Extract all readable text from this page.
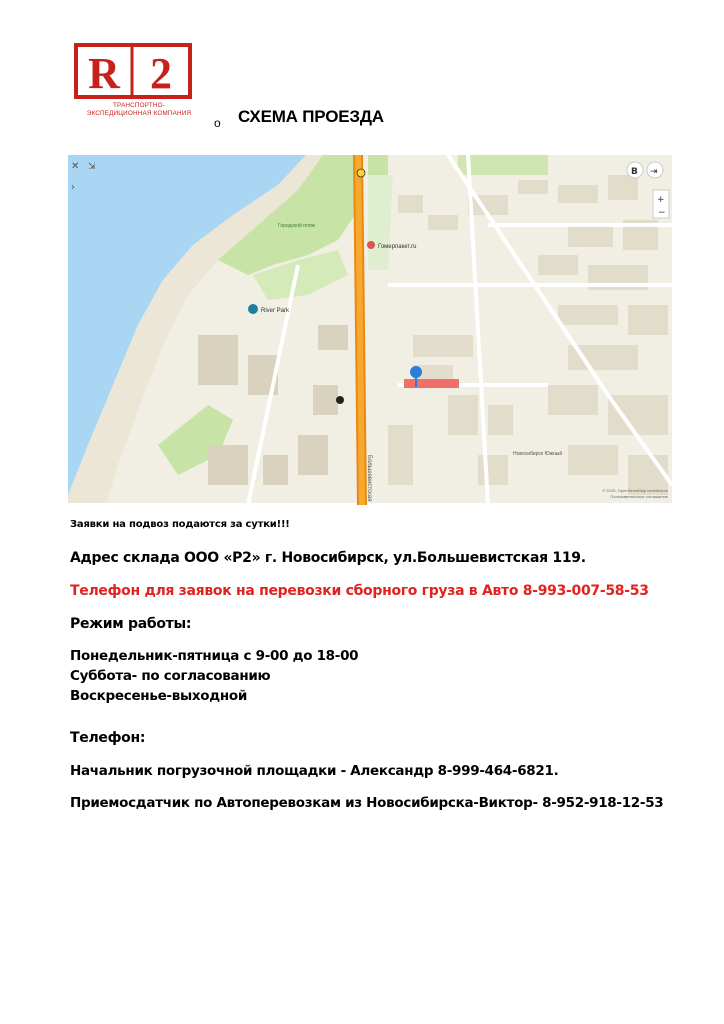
R 2
ТРАНСПОРТНО-
ЭКСПЕДИЦИОННАЯ КОМПАНИЯ
o СХЕМА ПРОЕЗДА
Большевистская
River Park
Гомерпакет.ru
Городской пляж
Новосибирск Южный
✕ ⇲
›
B ⇥
+
−
© 2GIS, OpenStreetMap contributors
Пользовательское соглашение
Заявки на подвоз подаются за сутки!!!
Адрес склада ООО «Р2» г. Новосибирск, ул.Большевистская 119.
Телефон для заявок на перевозки сборного груза в Авто 8-993-007-58-53
Режим работы:
Понедельник-пятница с 9-00 до 18-00
Суббота- по согласованию
Воскресенье-выходной
Телефон:
Начальник погрузочной площадки - Александр 8-999-464-6821.
Приемосдатчик по Автоперевозкам из Новосибирска-Виктор- 8-952-918-12-53
